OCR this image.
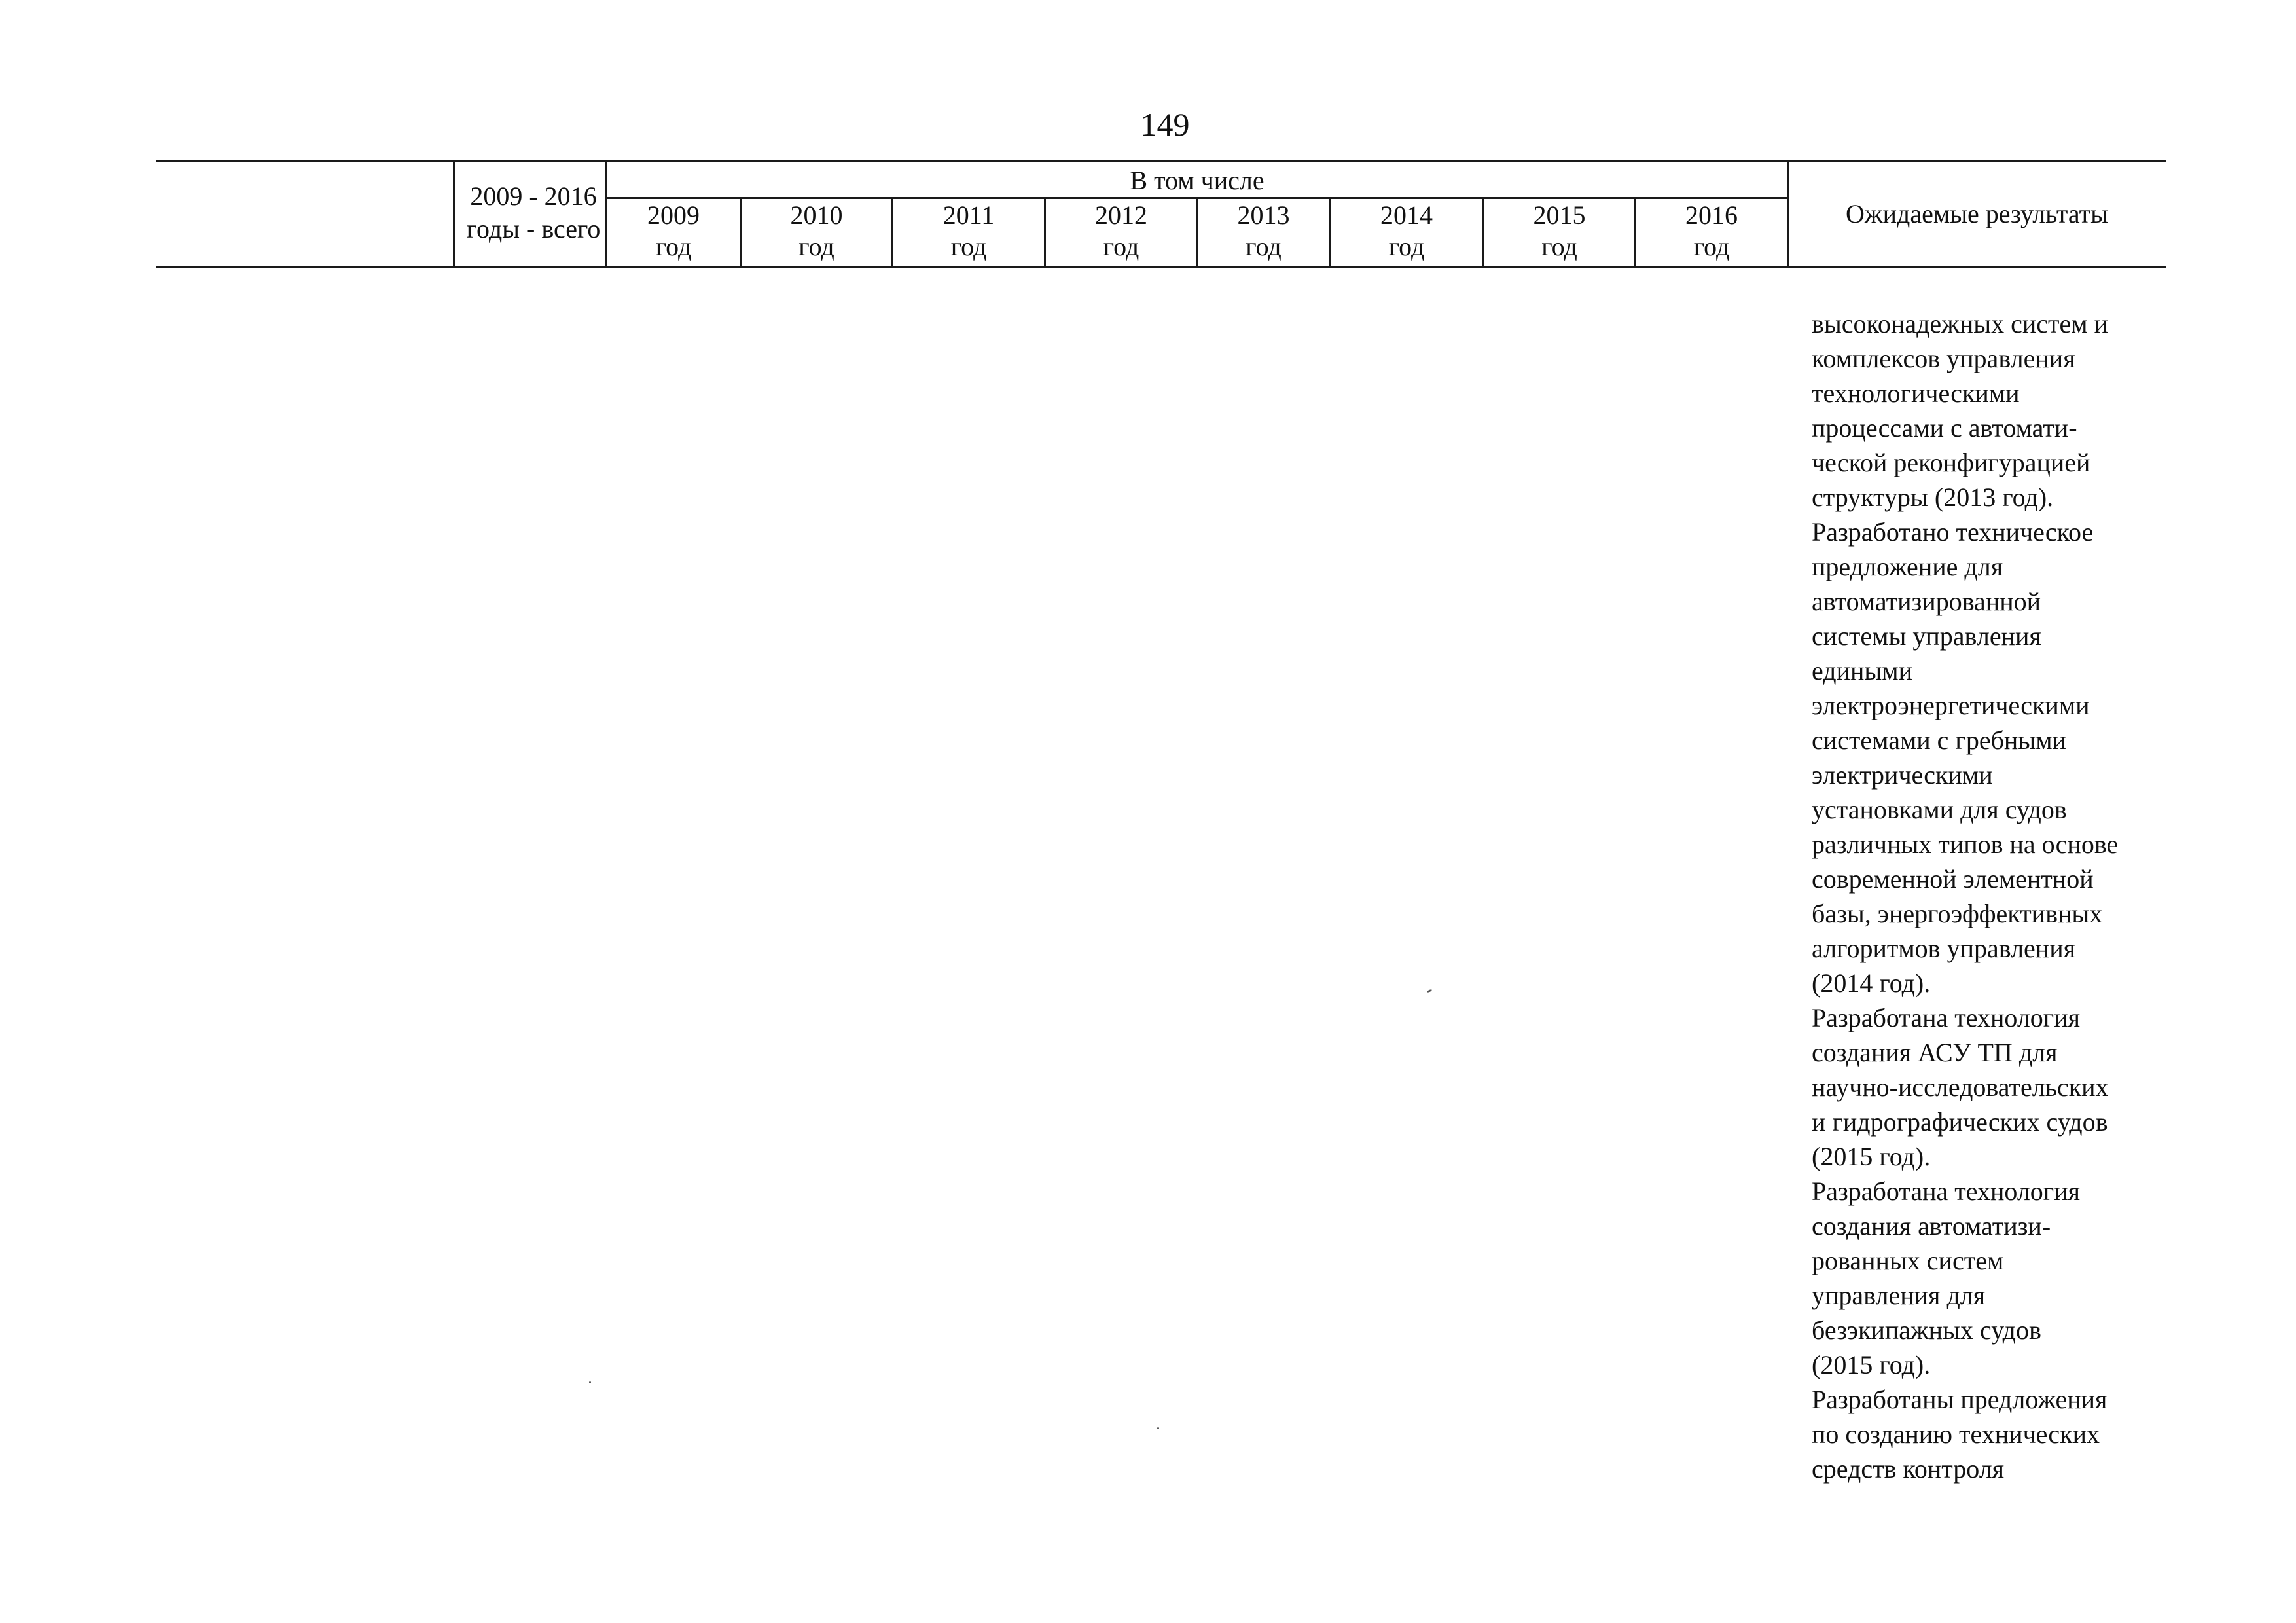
149
2009 - 2016
годы - всего
В том числе
2009
год
2010
год
2011
год
2012
год
2013
год
2014
год
2015
год
2016
год
Ожидаемые результаты
высоконадежных систем и
комплексов управления
технологическими
процессами с автомати-
ческой реконфигурацией
структуры (2013 год).
Разработано техническое
предложение для
автоматизированной
системы управления
едиными
электроэнергетическими
системами с гребными
электрическими
установками для судов
различных типов на основе
современной элементной
базы, энергоэффективных
алгоритмов управления
(2014 год).
Разработана технология
создания АСУ ТП для
научно-исследовательских
и гидрографических судов
(2015 год).
Разработана технология
создания автоматизи-
рованных систем
управления для
безэкипажных судов
(2015 год).
Разработаны предложения
по созданию технических
средств контроля
